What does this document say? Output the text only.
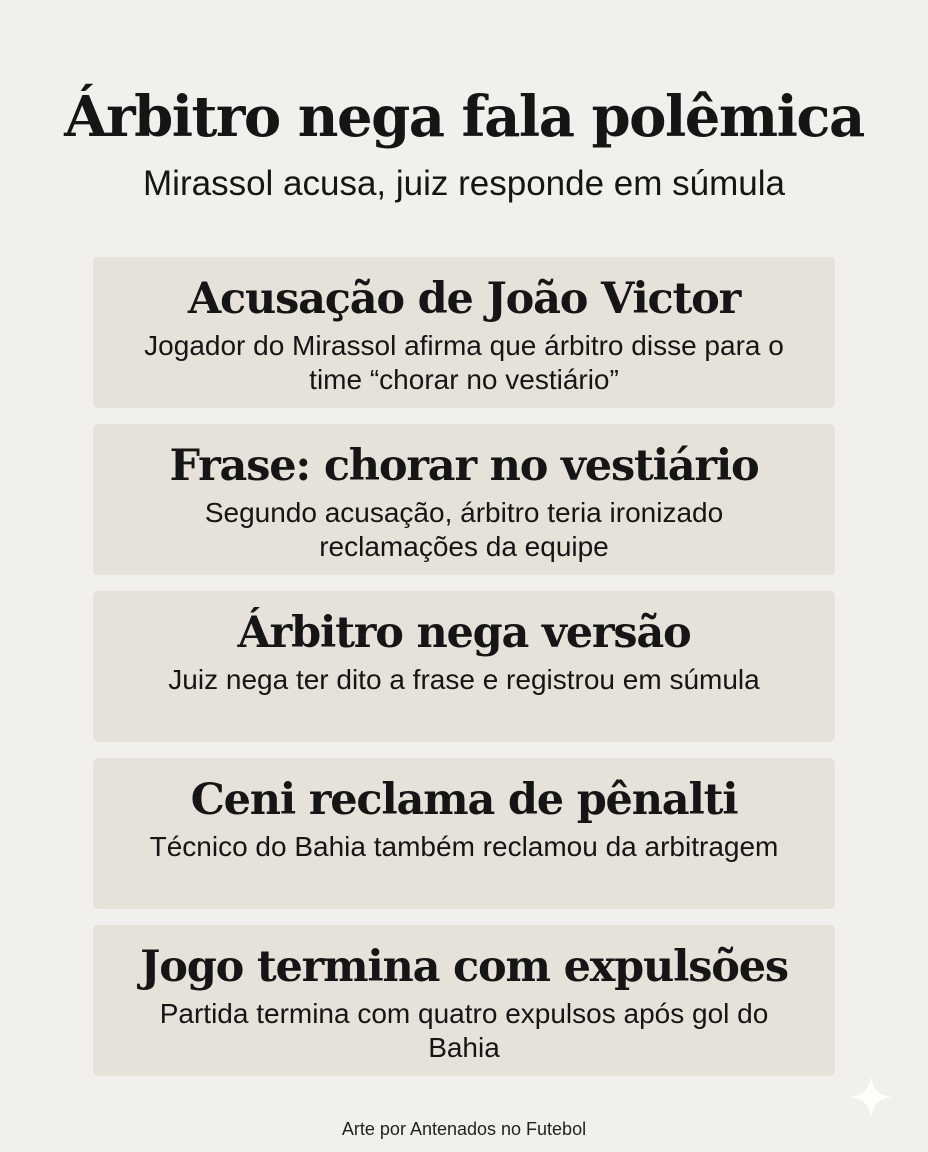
Árbitro nega fala polêmica
Mirassol acusa, juiz responde em súmula
Acusação de João Victor
Jogador do Mirassol afirma que árbitro disse para o time “chorar no vestiário”
Frase: chorar no vestiário
Segundo acusação, árbitro teria ironizado reclamações da equipe
Árbitro nega versão
Juiz nega ter dito a frase e registrou em súmula
Ceni reclama de pênalti
Técnico do Bahia também reclamou da arbitragem
Jogo termina com expulsões
Partida termina com quatro expulsos após gol do Bahia
Arte por Antenados no Futebol
